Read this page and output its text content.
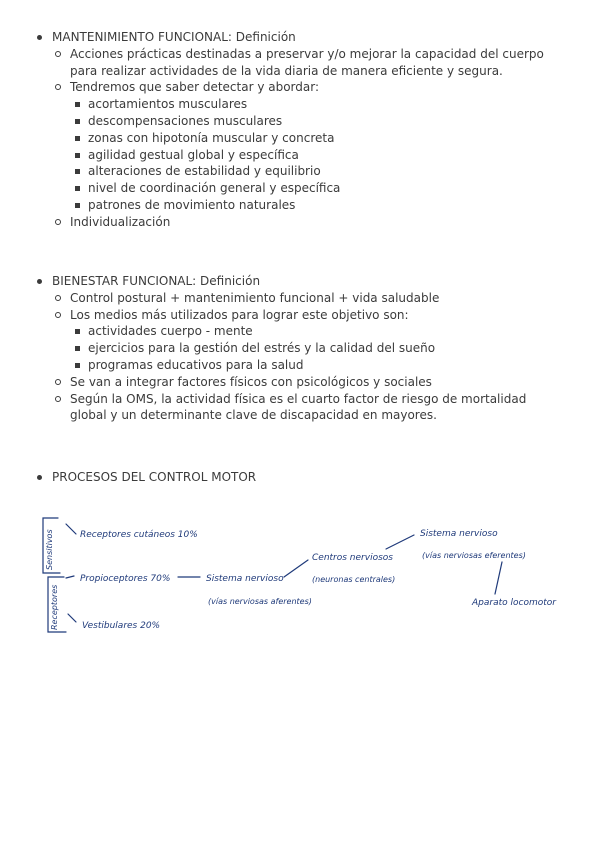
MANTENIMIENTO FUNCIONAL: Definición
Acciones prácticas destinadas a preservar y/o mejorar la capacidad del cuerpo para realizar actividades de la vida diaria de manera eficiente y segura.
Tendremos que saber detectar y abordar:
acortamientos musculares
descompensaciones musculares
zonas con hipotonía muscular y concreta
agilidad gestual global y específica
alteraciones de estabilidad y equilibrio
nivel de coordinación general y específica
patrones de movimiento naturales
Individualización
BIENESTAR FUNCIONAL: Definición
Control postural + mantenimiento funcional + vida saludable
Los medios más utilizados para lograr este objetivo son:
actividades cuerpo - mente
ejercicios para la gestión del estrés y la calidad del sueño
programas educativos para la salud
Se van a integrar factores físicos con psicológicos y sociales
Según la OMS, la actividad física es el cuarto factor de riesgo de mortalidad global y un determinante clave de discapacidad en mayores.
PROCESOS DEL CONTROL MOTOR
Sensitivos
Receptores
Receptores cutáneos 10%
Propioceptores 70%
Vestibulares 20%
Sistema nervioso
(vías nerviosas aferentes)
Centros nerviosos
(neuronas centrales)
Sistema nervioso
(vías nerviosas eferentes)
Aparato locomotor
